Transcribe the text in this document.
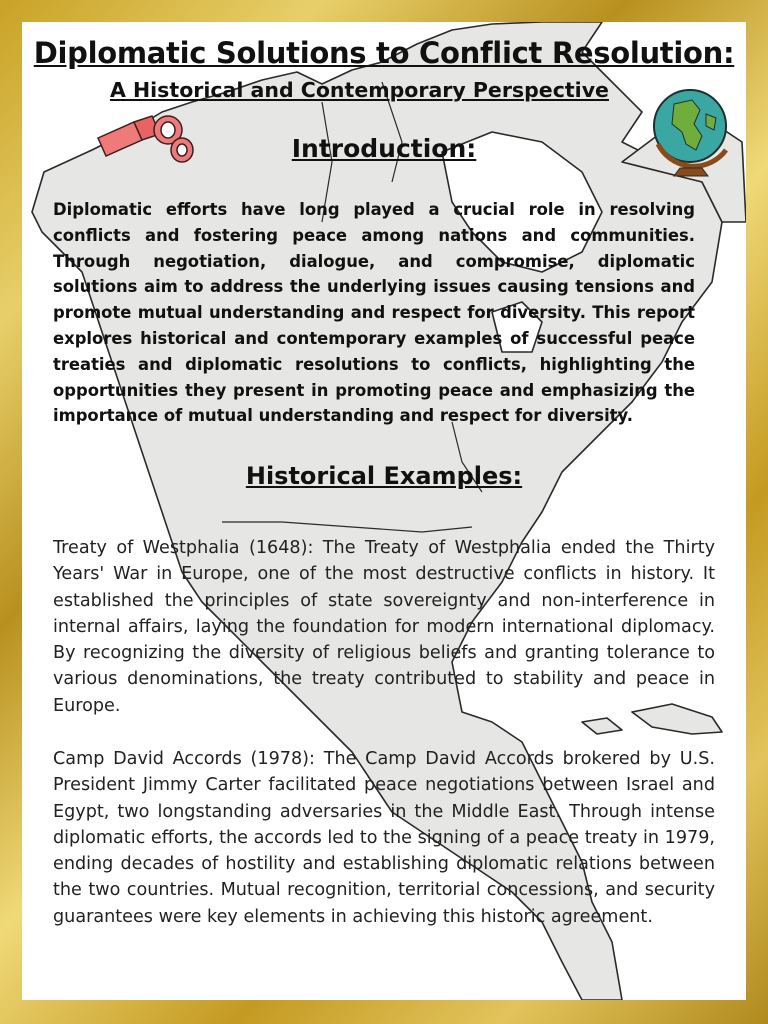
Diplomatic Solutions to Conflict Resolution:
A Historical and Contemporary Perspective
Introduction:
Diplomatic efforts have long played a crucial role in resolving conflicts and fostering peace among nations and communities. Through negotiation, dialogue, and compromise, diplomatic solutions aim to address the underlying issues causing tensions and promote mutual understanding and respect for diversity. This report explores historical and contemporary examples of successful peace treaties and diplomatic resolutions to conflicts, highlighting the opportunities they present in promoting peace and emphasizing the importance of mutual understanding and respect for diversity.
Historical Examples:
Treaty of Westphalia (1648): The Treaty of Westphalia ended the Thirty Years' War in Europe, one of the most destructive conflicts in history. It established the principles of state sovereignty and non-interference in internal affairs, laying the foundation for modern international diplomacy. By recognizing the diversity of religious beliefs and granting tolerance to various denominations, the treaty contributed to stability and peace in Europe.
Camp David Accords (1978): The Camp David Accords brokered by U.S. President Jimmy Carter facilitated peace negotiations between Israel and Egypt, two longstanding adversaries in the Middle East. Through intense diplomatic efforts, the accords led to the signing of a peace treaty in 1979, ending decades of hostility and establishing diplomatic relations between the two countries. Mutual recognition, territorial concessions, and security guarantees were key elements in achieving this historic agreement.
